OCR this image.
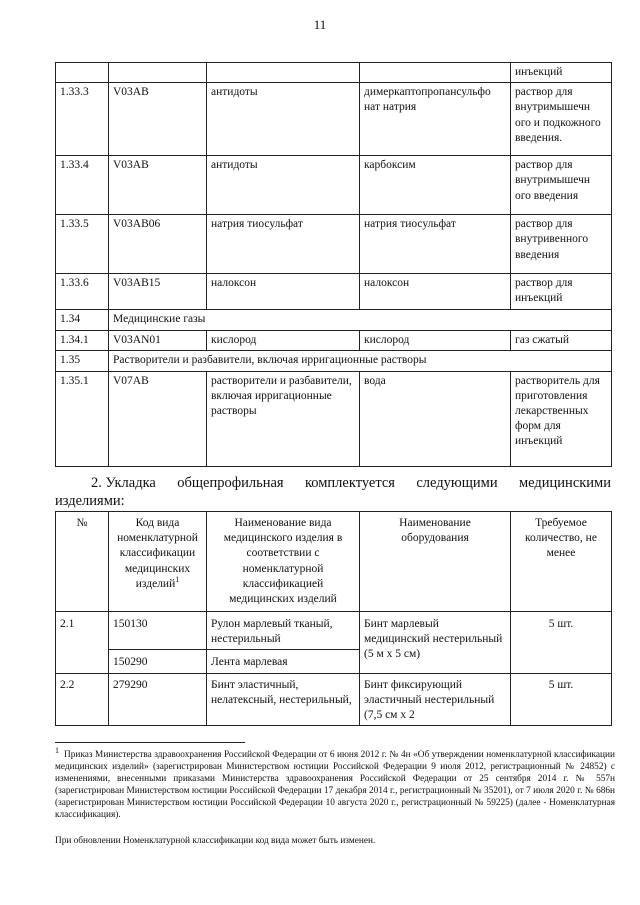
11
				инъекций
1.33.3	V03AB	антидоты	димеркаптопропансульфо нат натрия	раствор для внутримышечн ого и подкожного введения.
1.33.4	V03AB	антидоты	карбоксим	раствор для внутримышечн ого введения
1.33.5	V03AB06	натрия тиосульфат	натрия тиосульфат	раствор для внутривенного введения
1.33.6	V03AB15	налоксон	налоксон	раствор для инъекций
1.34	Медицинские газы			
1.34.1	V03AN01	кислород	кислород	газ сжатый
1.35	Растворители и разбавители, включая ирригационные растворы			
1.35.1	V07AB	растворители и разбавители, включая ирригационные растворы	вода	растворитель для приготовления лекарственных форм для инъекций
2. Укладка общепрофильная комплектуется следующими медицинскими
изделиями:
№	Код вида номенклатурной классификации медицинских изделий$^1$	Наименование вида медицинского изделия в соответствии с номенклатурной классификацией медицинских изделий	Наименование оборудования	Требуемое количество, не менее
2.1	150130	Рулон марлевый тканый, нестерильный	Бинт марлевый медицинский нестерильный (5 м х 5 см)	5 шт.
	150290	Лента марлевая		
2.2	279290	Бинт эластичный, нелатексный, нестерильный,	Бинт фиксирующий эластичный нестерильный (7,5 см х 2	5 шт.

$^1$ Приказ Министерства здравоохранения Российской Федерации от 6 июня 2012 г. № 4н «Об утверждении номенклатурной классификации медицинских изделий» (зарегистрирован Министерством юстиции Российской Федерации 9 июля 2012, регистрационный № 24852) с изменениями, внесенными приказами Министерства здравоохранения Российской Федерации от 25 сентября 2014 г. № 557н (зарегистрирован Министерством юстиции Российской Федерации 17 декабря 2014 г., регистрационный № 35201), от 7 июля 2020 г. № 686н (зарегистрирован Министерством юстиции Российской Федерации 10 августа 2020 г., регистрационный № 59225) (далее - Номенклатурная классификация).

При обновлении Номенклатурной классификации код вида может быть изменен.
